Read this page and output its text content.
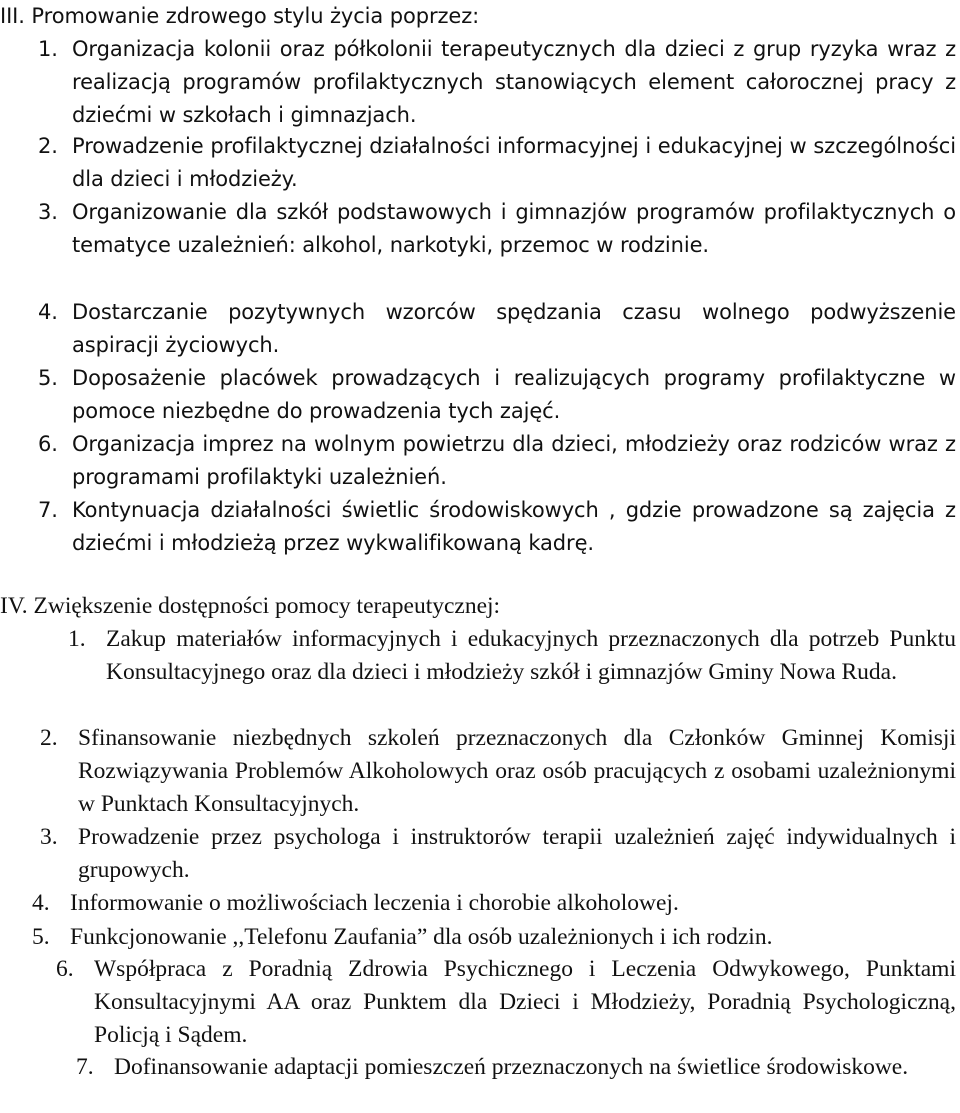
III. Promowanie zdrowego stylu życia poprzez:
1. Organizacja kolonii oraz półkolonii terapeutycznych dla dzieci z grup ryzyka wraz z realizacją programów profilaktycznych stanowiących element całorocznej pracy z dziećmi w szkołach i gimnazjach.
2. Prowadzenie profilaktycznej działalności informacyjnej i edukacyjnej w szczególności dla dzieci i młodzieży.
3. Organizowanie dla szkół podstawowych i gimnazjów programów profilaktycznych o tematyce uzależnień: alkohol, narkotyki, przemoc w rodzinie.
4. Dostarczanie pozytywnych wzorców spędzania czasu wolnego podwyższenie aspiracji życiowych.
5. Doposażenie placówek prowadzących i realizujących programy profilaktyczne w pomoce niezbędne do prowadzenia tych zajęć.
6. Organizacja imprez na wolnym powietrzu dla dzieci, młodzieży oraz rodziców wraz z programami profilaktyki uzależnień.
7. Kontynuacja działalności świetlic środowiskowych , gdzie prowadzone są zajęcia z dziećmi i młodzieżą przez wykwalifikowaną kadrę.
IV. Zwiększenie dostępności pomocy terapeutycznej:
1. Zakup materiałów informacyjnych i edukacyjnych przeznaczonych dla potrzeb Punktu Konsultacyjnego oraz dla dzieci i młodzieży szkół i gimnazjów Gminy Nowa Ruda.
2. Sfinansowanie niezbędnych szkoleń przeznaczonych dla Członków Gminnej Komisji Rozwiązywania Problemów Alkoholowych oraz osób pracujących z osobami uzależnionymi w Punktach Konsultacyjnych.
3. Prowadzenie przez psychologa i instruktorów terapii uzależnień zajęć indywidualnych i grupowych.
4. Informowanie o możliwościach leczenia i chorobie alkoholowej.
5. Funkcjonowanie ,,Telefonu Zaufania” dla osób uzależnionych i ich rodzin.
6. Współpraca z Poradnią Zdrowia Psychicznego i Leczenia Odwykowego, Punktami Konsultacyjnymi AA oraz Punktem dla Dzieci i Młodzieży, Poradnią Psychologiczną, Policją i Sądem.
7. Dofinansowanie adaptacji pomieszczeń przeznaczonych na świetlice środowiskowe.
